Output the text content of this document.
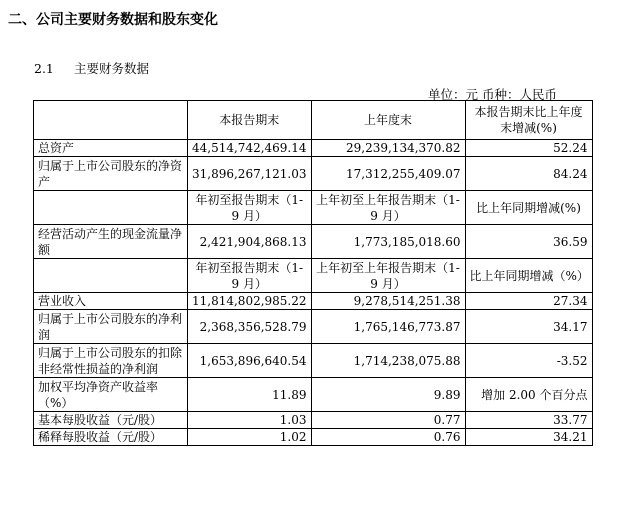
二、公司主要财务数据和股东变化
2.1 主要财务数据
单位：元 币种：人民币
	本报告期末	上年度末	本报告期末比上年度末增减(%)
总资产	44,514,742,469.14	29,239,134,370.82	52.24
归属于上市公司股东的净资产	31,896,267,121.03	17,312,255,409.07	84.24
	年初至报告期末（1-9 月）	上年初至上年报告期末（1-9 月）	比上年同期增减(%)
经营活动产生的现金流量净额	2,421,904,868.13	1,773,185,018.60	36.59
	年初至报告期末（1-9 月）	上年初至上年报告期末（1-9 月）	比上年同期增减（%）
营业收入	11,814,802,985.22	9,278,514,251.38	27.34
归属于上市公司股东的净利润	2,368,356,528.79	1,765,146,773.87	34.17
归属于上市公司股东的扣除非经常性损益的净利润	1,653,896,640.54	1,714,238,075.88	-3.52
加权平均净资产收益率（%）	11.89	9.89	增加 2.00 个百分点
基本每股收益（元/股）	1.03	0.77	33.77
稀释每股收益（元/股）	1.02	0.76	34.21
